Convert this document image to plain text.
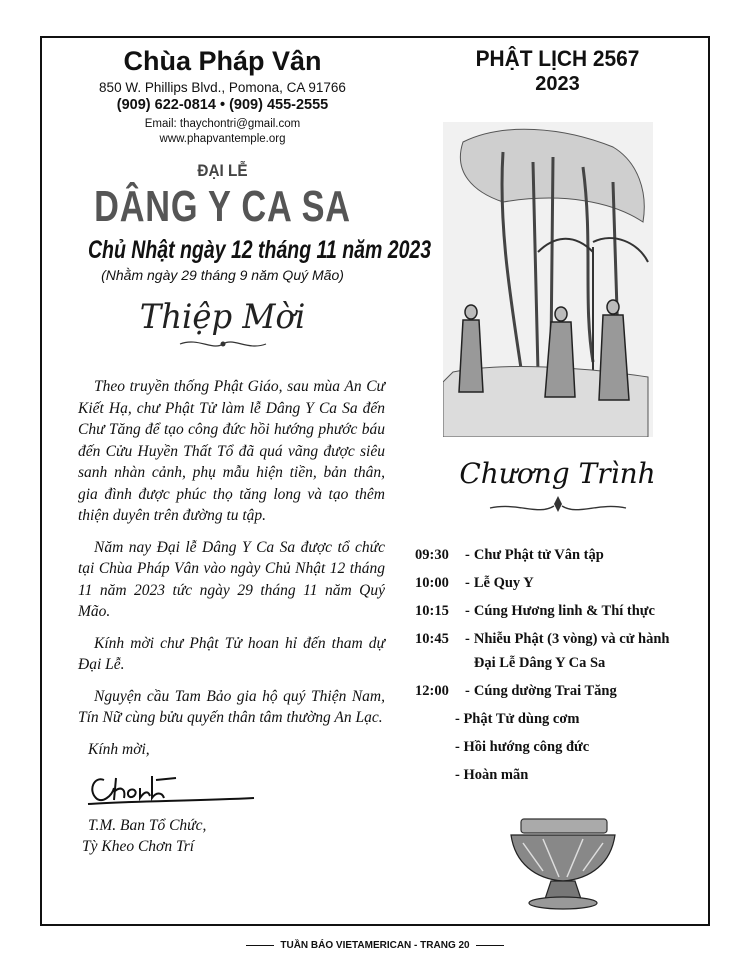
Chùa Pháp Vân
850 W. Phillips Blvd., Pomona, CA 91766
(909) 622-0814 • (909) 455-2555
Email: thaychontri@gmail.com
www.phapvantemple.org
ĐẠI LỄ
DÂNG Y CA SA
Chủ Nhật ngày 12 tháng 11 năm 2023
(Nhằm ngày 29 tháng 9 năm Quý Mão)
Thiệp Mời

Theo truyền thống Phật Giáo, sau mùa An Cư Kiết Hạ, chư Phật Tử làm lễ Dâng Y Ca Sa đến Chư Tăng để tạo công đức hồi hướng phước báu đến Cửu Huyền Thất Tổ đã quá vãng được siêu sanh nhàn cảnh, phụ mẫu hiện tiền, bản thân, gia đình được phúc thọ tăng long và tạo thêm thiện duyên trên đường tu tập.

Năm nay Đại lễ Dâng Y Ca Sa được tổ chức tại Chùa Pháp Vân vào ngày Chủ Nhật 12 tháng 11 năm 2023 tức ngày 29 tháng 11 năm Quý Mão.

Kính mời chư Phật Tử hoan hỉ đến tham dự Đại Lễ.

Nguyện cầu Tam Bảo gia hộ quý Thiện Nam, Tín Nữ cùng bửu quyến thân tâm thường An Lạc.

Kính mời,
T.M. Ban Tổ Chức,
Tỳ Kheo Chơn Trí
PHẬT LỊCH 2567
2023
Chương Trình
09:30	- Chư Phật tử Vân tập
10:00	- Lễ Quy Y
10:15	- Cúng Hương linh & Thí thực
10:45	- Nhiễu Phật (3 vòng) và cử hành
Đại Lễ Dâng Y Ca Sa
12:00	- Cúng dường Trai Tăng
- Phật Tử dùng cơm
- Hồi hướng công đức
- Hoàn mãn
TUẦN BÁO VIETAMERICAN - TRANG 20
